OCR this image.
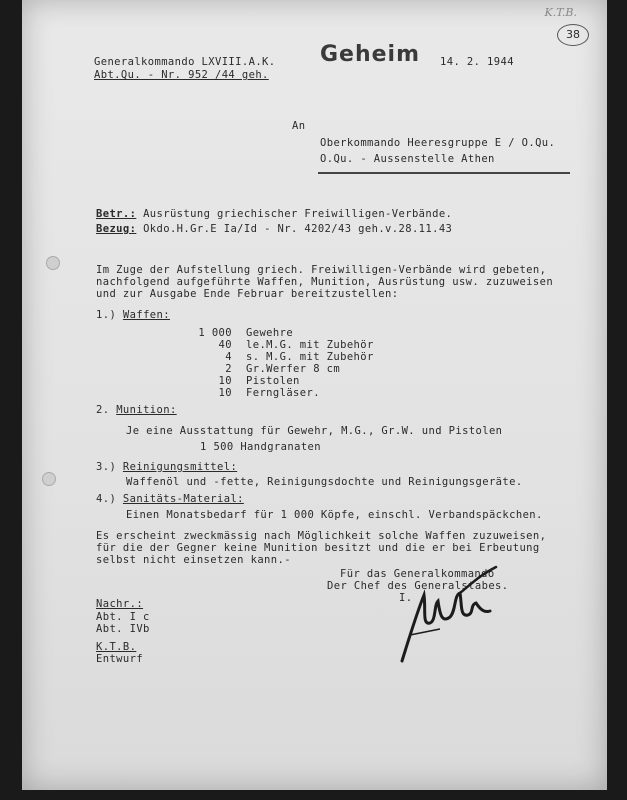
K.T.B.
38
Generalkommando LXVIII.A.K.
Abt.Qu. - Nr. 952 /44 geh.
Geheim 14. 2. 1944
An
Oberkommando Heeresgruppe E / O.Qu.
O.Qu. - Aussenstelle Athen
Betr.: Ausrüstung griechischer Freiwilligen-Verbände.
Bezug: Okdo.H.Gr.E Ia/Id - Nr. 4202/43 geh.v.28.11.43
Im Zuge der Aufstellung griech. Freiwilligen-Verbände wird gebeten,
nachfolgend aufgeführte Waffen, Munition, Ausrüstung usw. zuzuweisen
und zur Ausgabe Ende Februar bereitzustellen:
1.) Waffen:
1 000 Gewehre
40 le.M.G. mit Zubehör
4 s. M.G. mit Zubehör
2 Gr.Werfer 8 cm
10 Pistolen
10 Ferngläser.
2. Munition:
Je eine Ausstattung für Gewehr, M.G., Gr.W. und Pistolen
1 500 Handgranaten
3.) Reinigungsmittel:
Waffenöl und -fette, Reinigungsdochte und Reinigungsgeräte.
4.) Sanitäts-Material:
Einen Monatsbedarf für 1 000 Köpfe, einschl. Verbandspäckchen.
Es erscheint zweckmässig nach Möglichkeit solche Waffen zuzuweisen,
für die der Gegner keine Munition besitzt und die er bei Erbeutung
selbst nicht einsetzen kann.-
Für das Generalkommando
Der Chef des Generalstabes.
I.
Nachr.:
Abt. I c
Abt. IVb
K.T.B.
Entwurf
